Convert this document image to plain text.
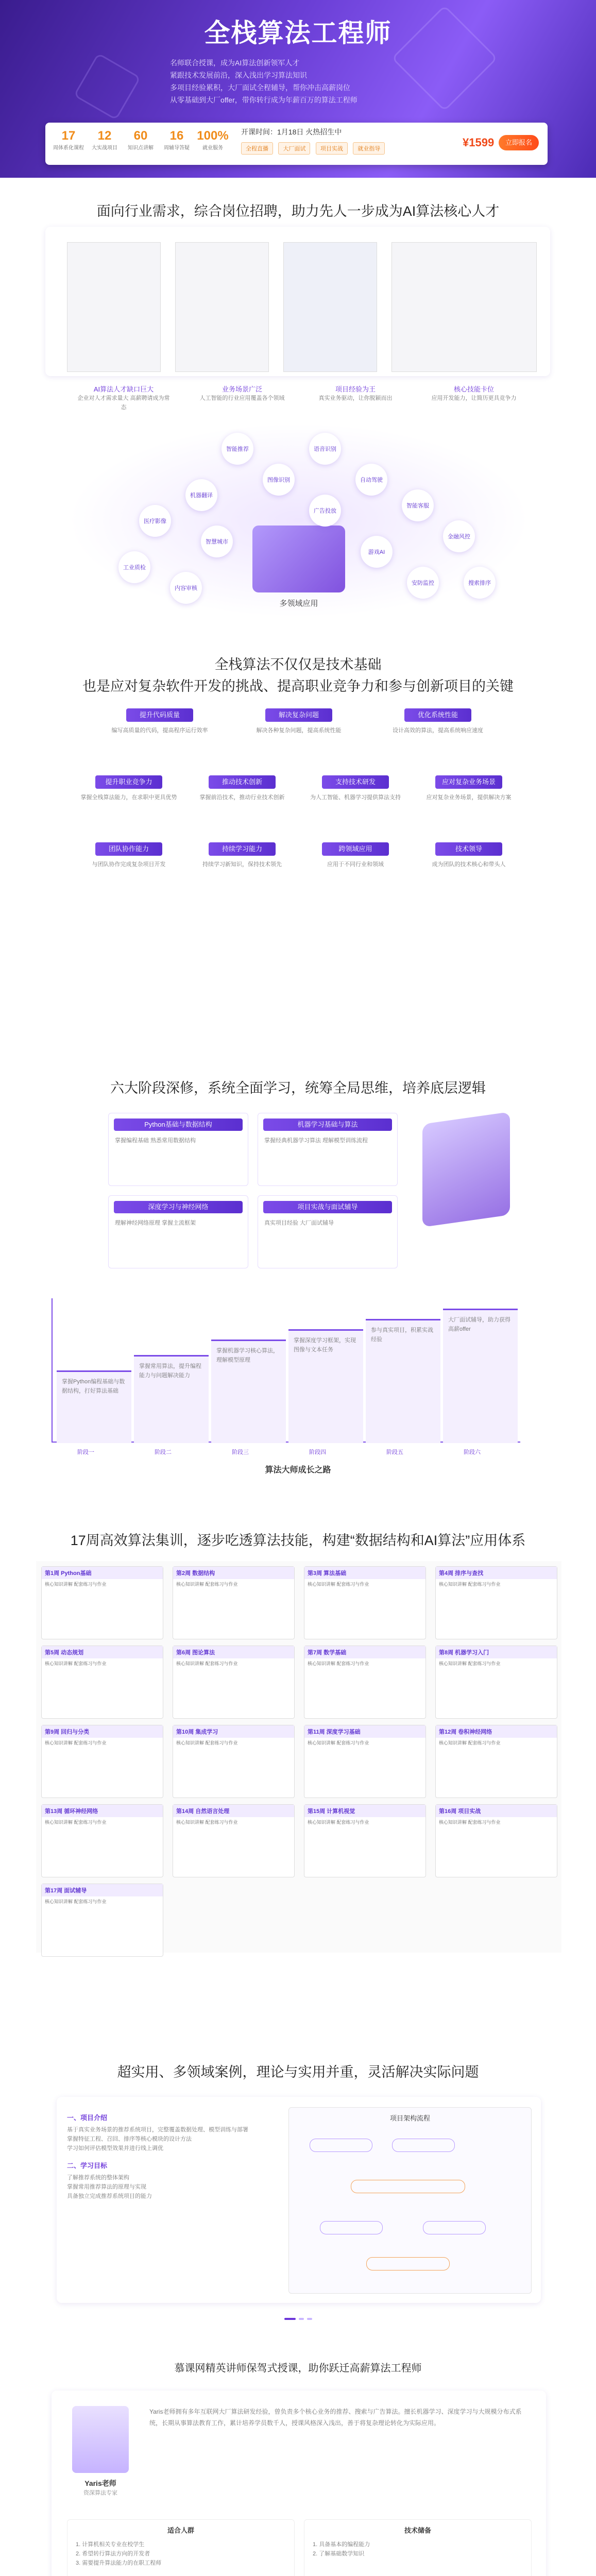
全栈算法工程师
名师联合授课，成为AI算法创新领军人才
紧跟技术发展前沿，深入浅出学习算法知识
多项目经验累积，大厂面试全程辅导，帮你冲击高薪岗位
从零基础到大厂offer，带你转行成为年薪百万的算法工程师
17
周体系化课程
12
大实战项目
60
知识点讲解
16
周辅导答疑
100%
就业服务
开课时间：1月18日 火热招生中
全程直播	大厂面试	项目实战	就业指导	¥1599	立即报名
面向行业需求，综合岗位招聘，助力先人一步成为AI算法核心人才
AI算法人才缺口巨大
企业对人才需求量大 高薪聘请成为常态
业务场景广泛
人工智能的行业应用覆盖各个领域
项目经验为王
真实业务驱动，让你脱颖而出
核心技能卡位
应用开发能力，让简历更具竞争力
多领域应用
智能推荐	语音识别
图像识别	自动驾驶
机器翻译
智能客服
医疗影像
金融风控
智慧城市
游戏AI
工业质检
内容审核
安防监控	搜索排序
广告投放
全栈算法不仅仅是技术基础
也是应对复杂软件开发的挑战、提高职业竞争力和参与创新项目的关键
提升代码质量
编写高质量的代码，提高程序运行效率
解决复杂问题
解决各种复杂问题，提高系统性能
优化系统性能
设计高效的算法，提高系统响应速度
提升职业竞争力
掌握全栈算法能力，在求职中更具优势
推动技术创新
掌握前沿技术，推动行业技术创新
支持技术研发
为人工智能、机器学习提供算法支持
应对复杂业务场景
应对复杂业务场景，提供解决方案
团队协作能力
与团队协作完成复杂项目开发
持续学习能力
持续学习新知识，保持技术领先
跨领域应用
应用于不同行业和领域
技术领导
成为团队的技术核心和带头人
六大阶段深修，系统全面学习，统筹全局思维，培养底层逻辑
Python基础与数据结构
掌握编程基础 熟悉常用数据结构
机器学习基础与算法
掌握经典机器学习算法 理解模型训练流程
深度学习与神经网络
理解神经网络原理 掌握主流框架
项目实战与面试辅导
真实项目经验 大厂面试辅导
掌握Python编程基础与数据结构，打好算法基础
掌握常用算法，提升编程能力与问题解决能力
掌握机器学习核心算法，理解模型原理
掌握深度学习框架，实现图像与文本任务
参与真实项目，积累实战经验
大厂面试辅导，助力获得高薪offer
阶段一	阶段二	阶段三	阶段四	阶段五	阶段六
算法大师成长之路
17周高效算法集训，逐步吃透算法技能，构建“数据结构和AI算法”应用体系
第1周 Python基础
核心知识讲解 配套练习与作业
第2周 数据结构
核心知识讲解 配套练习与作业
第3周 算法基础
核心知识讲解 配套练习与作业
第4周 排序与查找
核心知识讲解 配套练习与作业
第5周 动态规划
核心知识讲解 配套练习与作业
第6周 图论算法
核心知识讲解 配套练习与作业
第7周 数学基础
核心知识讲解 配套练习与作业
第8周 机器学习入门
核心知识讲解 配套练习与作业
第9周 回归与分类
核心知识讲解 配套练习与作业
第10周 集成学习
核心知识讲解 配套练习与作业
第11周 深度学习基础
核心知识讲解 配套练习与作业
第12周 卷积神经网络
核心知识讲解 配套练习与作业
第13周 循环神经网络
核心知识讲解 配套练习与作业
第14周 自然语言处理
核心知识讲解 配套练习与作业
第15周 计算机视觉
核心知识讲解 配套练习与作业
第16周 项目实战
核心知识讲解 配套练习与作业
第17周 面试辅导
核心知识讲解 配套练习与作业
超实用、多领域案例，理论与实用并重，灵活解决实际问题
一、项目介绍
基于真实业务场景的推荐系统项目，完整覆盖数据处理、模型训练与部署
掌握特征工程、召回、排序等核心模块的设计方法
学习如何评估模型效果并进行线上调优
二、学习目标
了解推荐系统的整体架构
掌握常用推荐算法的原理与实现
具备独立完成推荐系统项目的能力
项目架构流程
慕课网精英讲师保驾式授课，助你跃迁高薪算法工程师
Yaris老师
资深算法专家
Yaris老师拥有多年互联网大厂算法研发经验，曾负责多个核心业务的推荐、搜索与广告算法。擅长机器学习、深度学习与大规模分布式系统，长期从事算法教育工作，累计培养学员数千人，授课风格深入浅出，善于将复杂理论转化为实际应用。
适合人群
1. 计算机相关专业在校学生
2. 希望转行算法方向的开发者
3. 需要提升算法能力的在职工程师
技术储备
1. 具备基本的编程能力
2. 了解基础数学知识
